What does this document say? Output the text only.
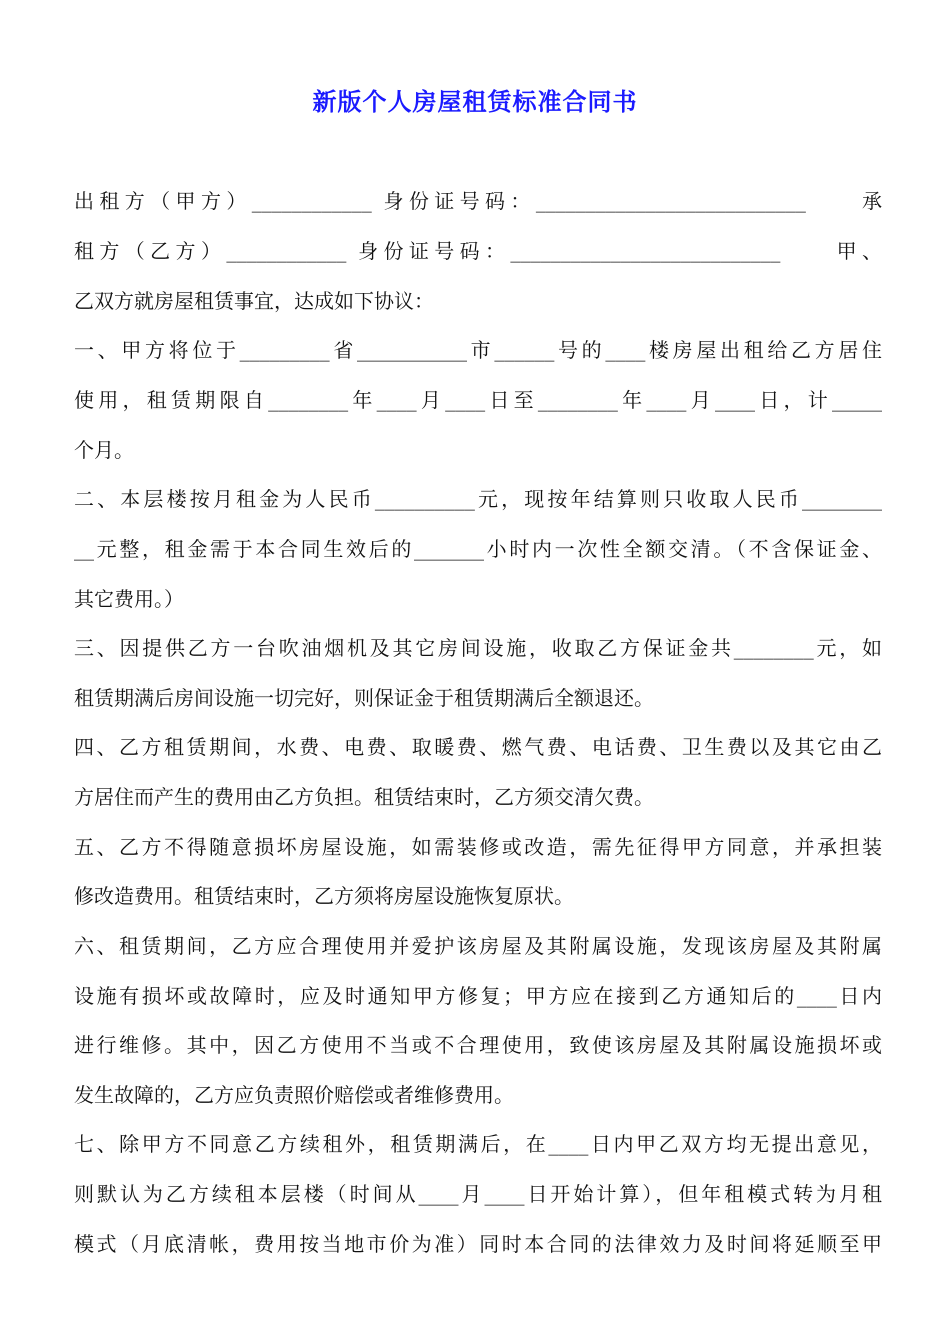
新版个人房屋租赁标准合同书
出租方（甲方）____________ 身份证号码：___________________________　　承
租方（乙方）____________ 身份证号码：___________________________　　甲、
乙双方就房屋租赁事宜，达成如下协议：
一、甲方将位于_________省___________市______号的____楼房屋出租给乙方居住
使用，租赁期限自________年____月____日至________年____月____日，计_____
个月。
二、本层楼按月租金为人民币__________元，现按年结算则只收取人民币________
__元整，租金需于本合同生效后的_______小时内一次性全额交清。（不含保证金、
其它费用。）
三、因提供乙方一台吹油烟机及其它房间设施，收取乙方保证金共________元，如
租赁期满后房间设施一切完好，则保证金于租赁期满后全额退还。
四、乙方租赁期间，水费、电费、取暖费、燃气费、电话费、卫生费以及其它由乙
方居住而产生的费用由乙方负担。租赁结束时，乙方须交清欠费。
五、乙方不得随意损坏房屋设施，如需装修或改造，需先征得甲方同意，并承担装
修改造费用。租赁结束时，乙方须将房屋设施恢复原状。
六、租赁期间，乙方应合理使用并爱护该房屋及其附属设施，发现该房屋及其附属
设施有损坏或故障时，应及时通知甲方修复；甲方应在接到乙方通知后的____日内
进行维修。其中，因乙方使用不当或不合理使用，致使该房屋及其附属设施损坏或
发生故障的，乙方应负责照价赔偿或者维修费用。
七、除甲方不同意乙方续租外，租赁期满后，在____日内甲乙双方均无提出意见，
则默认为乙方续租本层楼（时间从____月____日开始计算），但年租模式转为月租
模式（月底清帐，费用按当地市价为准）同时本合同的法律效力及时间将延顺至甲
